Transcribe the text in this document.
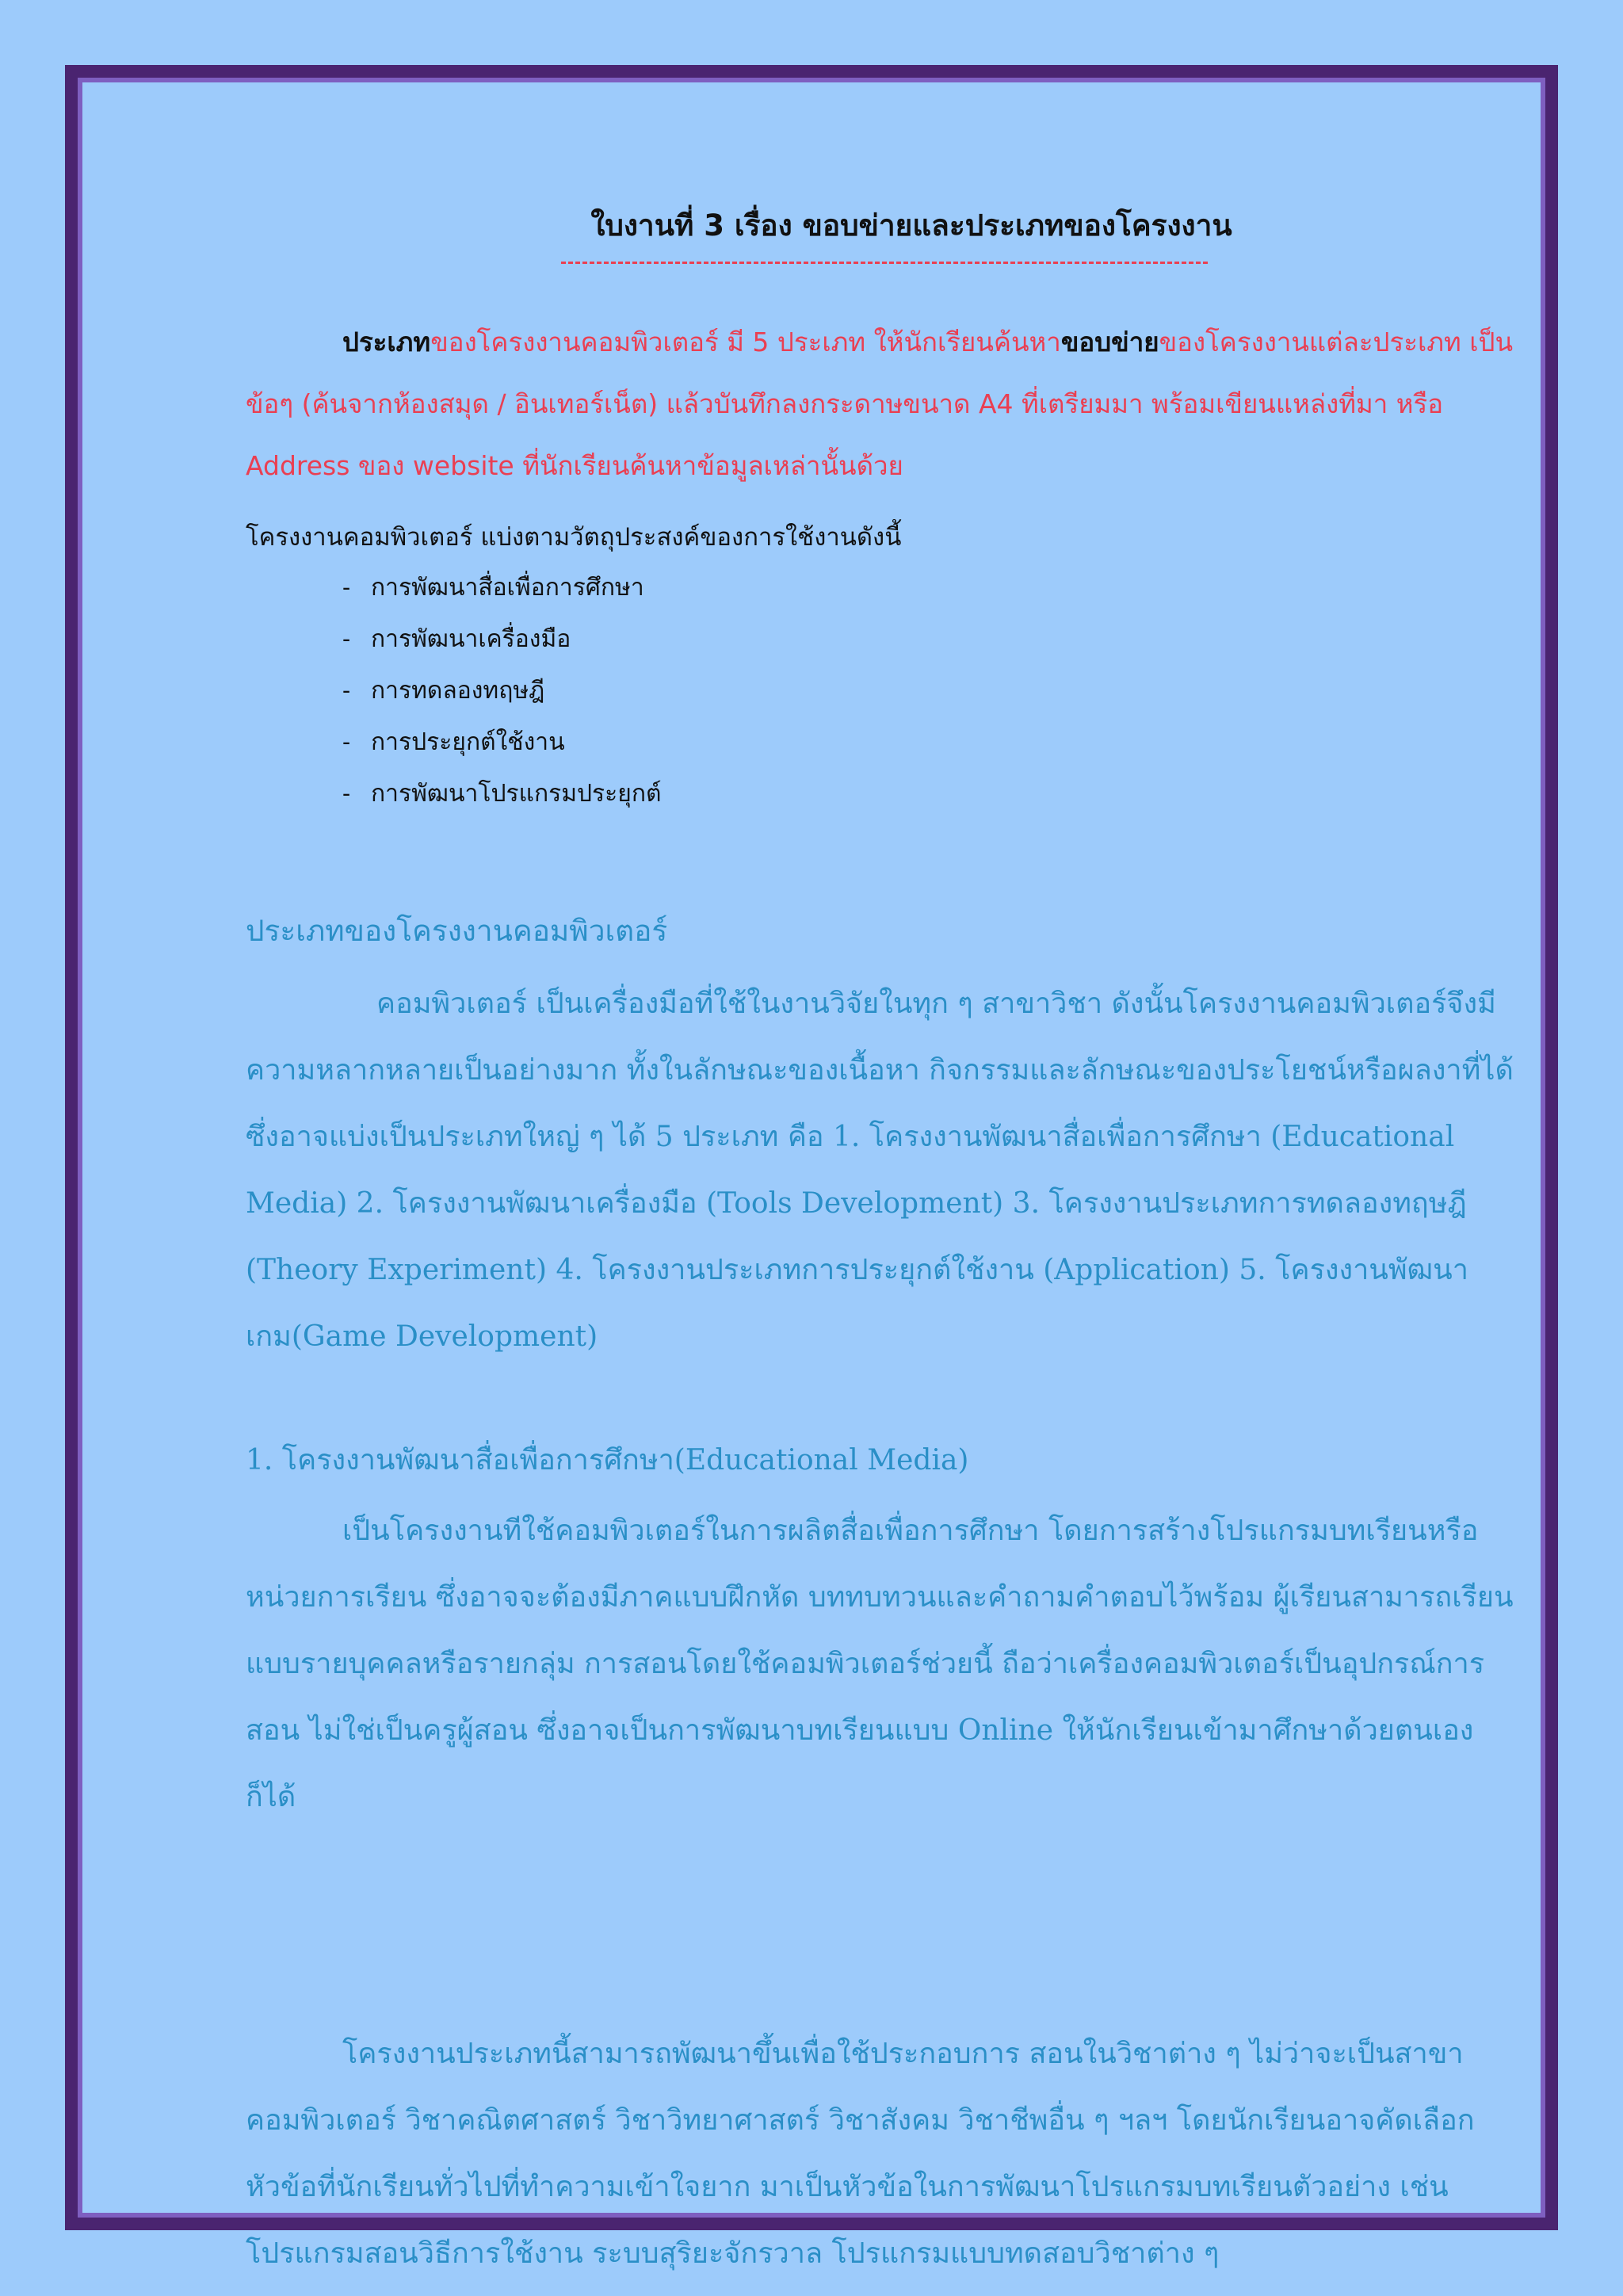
ใบงานที่ 3 เรื่อง ขอบข่ายและประเภทของโครงงาน
ประเภทของโครงงานคอมพิวเตอร์ มี 5 ประเภท ให้นักเรียนค้นหาขอบข่ายของโครงงานแต่ละประเภท เป็นข้อๆ (ค้นจากห้องสมุด / อินเทอร์เน็ต) แล้วบันทึกลงกระดาษขนาด A4 ที่เตรียมมา พร้อมเขียนแหล่งที่มา หรือ Address ของ website ที่นักเรียนค้นหาข้อมูลเหล่านั้นด้วย
โครงงานคอมพิวเตอร์ แบ่งตามวัตถุประสงค์ของการใช้งานดังนี้
- การพัฒนาสื่อเพื่อการศึกษา
- การพัฒนาเครื่องมือ
- การทดลองทฤษฎี
- การประยุกต์ใช้งาน
- การพัฒนาโปรแกรมประยุกต์
ประเภทของโครงงานคอมพิวเตอร์
คอมพิวเตอร์ เป็นเครื่องมือที่ใช้ในงานวิจัยในทุก ๆ สาขาวิชา ดังนั้นโครงงานคอมพิวเตอร์จึงมีความหลากหลายเป็นอย่างมาก ทั้งในลักษณะของเนื้อหา กิจกรรมและลักษณะของประโยชน์หรือผลงาที่ได้ ซึ่งอาจแบ่งเป็นประเภทใหญ่ ๆ ได้ 5 ประเภท คือ 1. โครงงานพัฒนาสื่อเพื่อการศึกษา (Educational Media) 2. โครงงานพัฒนาเครื่องมือ (Tools Development) 3. โครงงานประเภทการทดลองทฤษฎี (Theory Experiment) 4. โครงงานประเภทการประยุกต์ใช้งาน (Application) 5. โครงงานพัฒนาเกม(Game Development)
1. โครงงานพัฒนาสื่อเพื่อการศึกษา(Educational Media)
เป็นโครงงานทีใช้คอมพิวเตอร์ในการผลิตสื่อเพื่อการศึกษา โดยการสร้างโปรแกรมบทเรียนหรือหน่วยการเรียน ซึ่งอาจจะต้องมีภาคแบบฝึกหัด บททบทวนและคำถามคำตอบไว้พร้อม ผู้เรียนสามารถเรียนแบบรายบุคคลหรือรายกลุ่ม การสอนโดยใช้คอมพิวเตอร์ช่วยนี้ ถือว่าเครื่องคอมพิวเตอร์เป็นอุปกรณ์การสอน ไม่ใช่เป็นครูผู้สอน ซึ่งอาจเป็นการพัฒนาบทเรียนแบบ Online ให้นักเรียนเข้ามาศึกษาด้วยตนเองก็ได้
โครงงานประเภทนี้สามารถพัฒนาขึ้นเพื่อใช้ประกอบการ สอนในวิชาต่าง ๆ ไม่ว่าจะเป็นสาขาคอมพิวเตอร์ วิชาคณิตศาสตร์ วิชาวิทยาศาสตร์ วิชาสังคม วิชาชีพอื่น ๆ ฯลฯ โดยนักเรียนอาจคัดเลือกหัวข้อที่นักเรียนทั่วไปที่ทำความเข้าใจยาก มาเป็นหัวข้อในการพัฒนาโปรแกรมบทเรียนตัวอย่าง เช่น โปรแกรมสอนวิธีการใช้งาน ระบบสุริยะจักรวาล โปรแกรมแบบทดสอบวิชาต่าง ๆ
